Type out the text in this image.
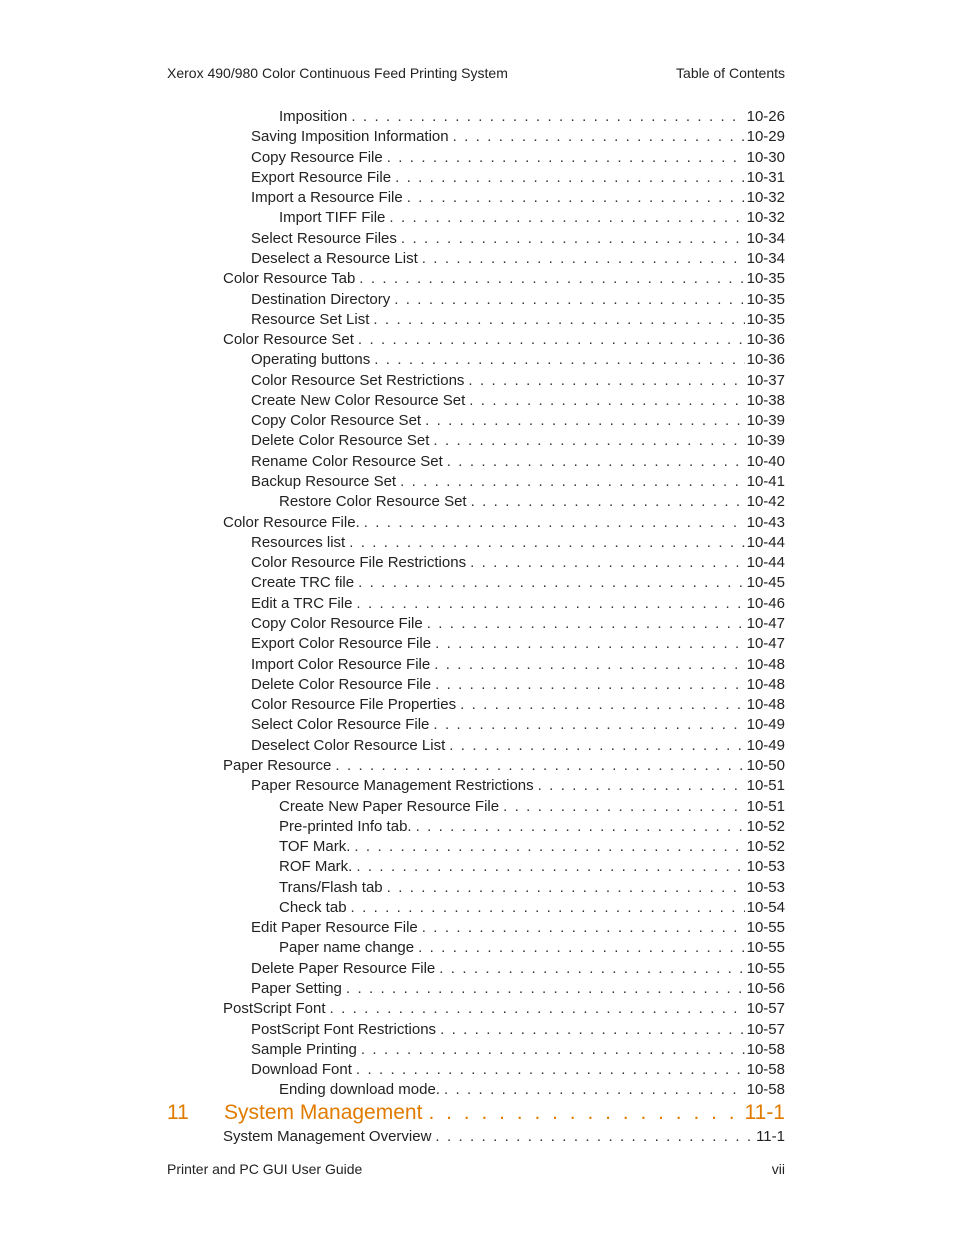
Xerox 490/980 Color Continuous Feed Printing System	Table of Contents
Imposition . . .	10-26
Saving Imposition Information . . .	10-29
Copy Resource File . . .	10-30
Export Resource File . . .	10-31
Import a Resource File . . .	10-32
Import TIFF File . . .	10-32
Select Resource Files . . .	10-34
Deselect a Resource List . . .	10-34
Color Resource Tab . . .	10-35
Destination Directory . . .	10-35
Resource Set List . . .	10-35
Color Resource Set . . .	10-36
Operating buttons . . .	10-36
Color Resource Set Restrictions . . .	10-37
Create New Color Resource Set . . .	10-38
Copy Color Resource Set . . .	10-39
Delete Color Resource Set . . .	10-39
Rename Color Resource Set . . .	10-40
Backup Resource Set . . .	10-41
Restore Color Resource Set . . .	10-42
Color Resource File. . . .	10-43
Resources list . . .	10-44
Color Resource File Restrictions . . .	10-44
Create TRC file . . .	10-45
Edit a TRC File . . .	10-46
Copy Color Resource File . . .	10-47
Export Color Resource File . . .	10-47
Import Color Resource File . . .	10-48
Delete Color Resource File . . .	10-48
Color Resource File Properties . . .	10-48
Select Color Resource File . . .	10-49
Deselect Color Resource List . . .	10-49
Paper Resource . . .	10-50
Paper Resource Management Restrictions . . .	10-51
Create New Paper Resource File . . .	10-51
Pre-printed Info tab. . . .	10-52
TOF Mark. . . .	10-52
ROF Mark. . . .	10-53
Trans/Flash tab . . .	10-53
Check tab . . .	10-54
Edit Paper Resource File . . .	10-55
Paper name change . . .	10-55
Delete Paper Resource File . . .	10-55
Paper Setting . . .	10-56
PostScript Font . . .	10-57
PostScript Font Restrictions . . .	10-57
Sample Printing . . .	10-58
Download Font . . .	10-58
Ending download mode. . . .	10-58
11 System Management . . .	11-1
System Management Overview . . .	11-1
Printer and PC GUI User Guide	vii
